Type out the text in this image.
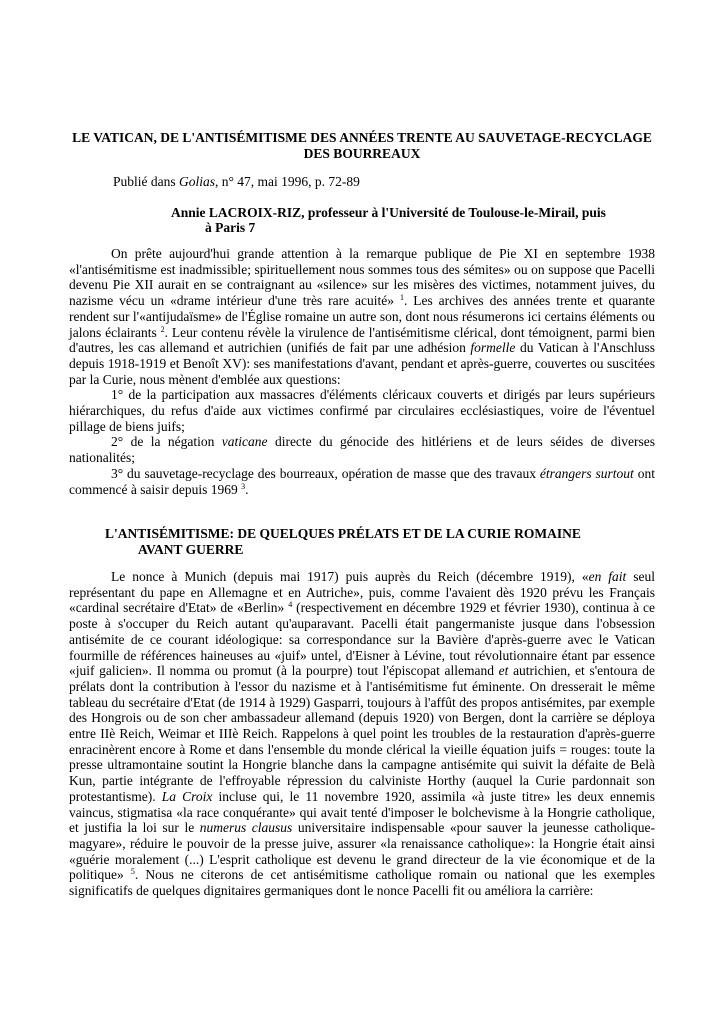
LE VATICAN, DE L'ANTISÉMITISME DES ANNÉES TRENTE AU SAUVETAGE-RECYCLAGE DES BOURREAUX
Publié dans Golias, n° 47, mai 1996, p. 72-89
Annie LACROIX-RIZ, professeur à l'Université de Toulouse-le-Mirail, puis
à Paris 7

On prête aujourd'hui grande attention à la remarque publique de Pie XI en septembre 1938 «l'antisémitisme est inadmissible; spirituellement nous sommes tous des sémites» ou on suppose que Pacelli devenu Pie XII aurait en se contraignant au «silence» sur les misères des victimes, notamment juives, du nazisme vécu un «drame intérieur d'une très rare acuité» $^1$. Les archives des années trente et quarante rendent sur l'«antijudaïsme» de l'Église romaine un autre son, dont nous résumerons ici certains éléments ou jalons éclairants $^2$. Leur contenu révèle la virulence de l'antisémitisme clérical, dont témoignent, parmi bien d'autres, les cas allemand et autrichien (unifiés de fait par une adhésion formelle du Vatican à l'Anschluss depuis 1918-1919 et Benoît XV): ses manifestations d'avant, pendant et après-guerre, couvertes ou suscitées par la Curie, nous mènent d'emblée aux questions:

1° de la participation aux massacres d'éléments cléricaux couverts et dirigés par leurs supérieurs hiérarchiques, du refus d'aide aux victimes confirmé par circulaires ecclésiastiques, voire de l'éventuel pillage de biens juifs;

2° de la négation vaticane directe du génocide des hitlériens et de leurs séides de diverses nationalités;

3° du sauvetage-recyclage des bourreaux, opération de masse que des travaux étrangers surtout ont commencé à saisir depuis 1969 $^3$.

L'ANTISÉMITISME: DE QUELQUES PRÉLATS ET DE LA CURIE ROMAINE
AVANT GUERRE

Le nonce à Munich (depuis mai 1917) puis auprès du Reich (décembre 1919), «en fait seul représentant du pape en Allemagne et en Autriche», puis, comme l'avaient dès 1920 prévu les Français «cardinal secrétaire d'Etat» de «Berlin» $^4$ (respectivement en décembre 1929 et février 1930), continua à ce poste à s'occuper du Reich autant qu'auparavant. Pacelli était pangermaniste jusque dans l'obsession antisémite de ce courant idéologique: sa correspondance sur la Bavière d'après-guerre avec le Vatican fourmille de références haineuses au «juif» untel, d'Eisner à Lévine, tout révolutionnaire étant par essence «juif galicien». Il nomma ou promut (à la pourpre) tout l'épiscopat allemand et autrichien, et s'entoura de prélats dont la contribution à l'essor du nazisme et à l'antisémitisme fut éminente. On dresserait le même tableau du secrétaire d'Etat (de 1914 à 1929) Gasparri, toujours à l'affût des propos antisémites, par exemple des Hongrois ou de son cher ambassadeur allemand (depuis 1920) von Bergen, dont la carrière se déploya entre IIè Reich, Weimar et IIIè Reich. Rappelons à quel point les troubles de la restauration d'après-guerre enracinèrent encore à Rome et dans l'ensemble du monde clérical la vieille équation juifs = rouges: toute la presse ultramontaine soutint la Hongrie blanche dans la campagne antisémite qui suivit la défaite de Belà Kun, partie intégrante de l'effroyable répression du calviniste Horthy (auquel la Curie pardonnait son protestantisme). La Croix incluse qui, le 11 novembre 1920, assimila «à juste titre» les deux ennemis vaincus, stigmatisa «la race conquérante» qui avait tenté d'imposer le bolchevisme à la Hongrie catholique, et justifia la loi sur le numerus clausus universitaire indispensable «pour sauver la jeunesse catholique-magyare», réduire le pouvoir de la presse juive, assurer «la renaissance catholique»: la Hongrie était ainsi «guérie moralement (...) L'esprit catholique est devenu le grand directeur de la vie économique et de la politique» $^5$. Nous ne citerons de cet antisémitisme catholique romain ou national que les exemples significatifs de quelques dignitaires germaniques dont le nonce Pacelli fit ou améliora la carrière:
